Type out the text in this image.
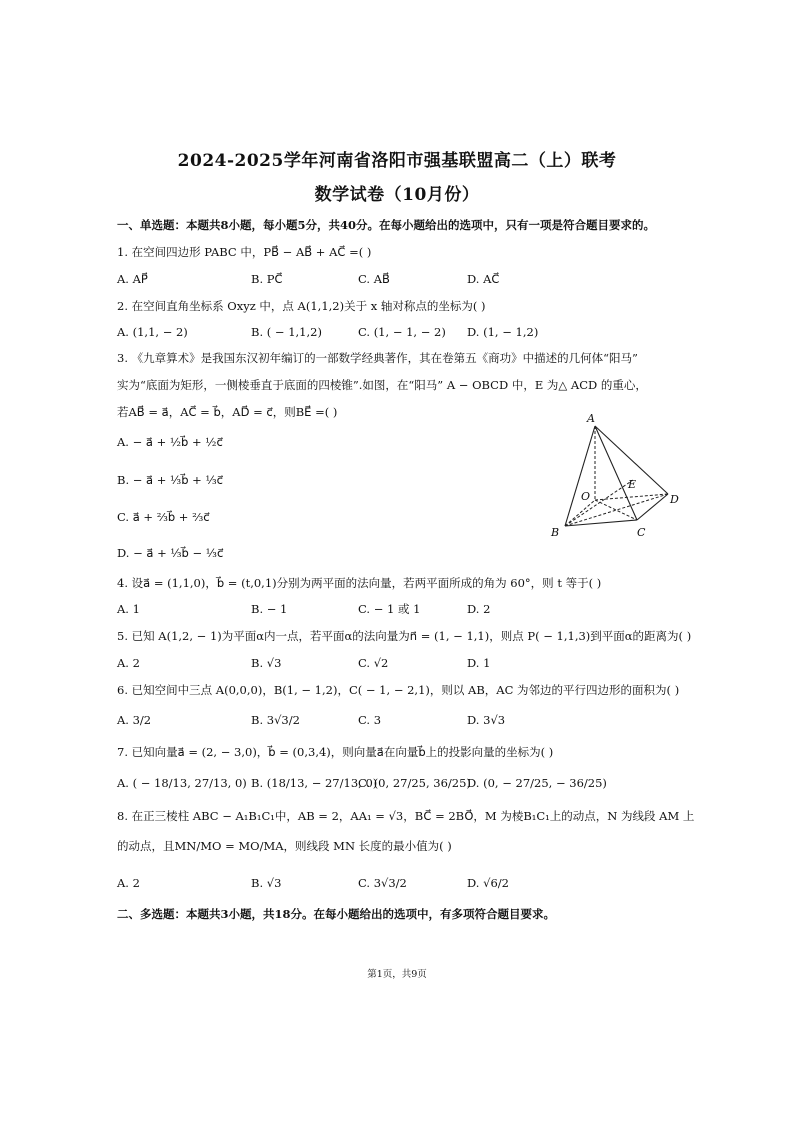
2024-2025学年河南省洛阳市强基联盟高二（上）联考
数学试卷（10月份）
一、单选题：本题共8小题，每小题5分，共40分。在每小题给出的选项中，只有一项是符合题目要求的。
1. 在空间四边形 PABC 中，PB⃗ − AB⃗ + AC⃗ =( )
A. AP⃗	B. PC⃗	C. AB⃗	D. AC⃗
2. 在空间直角坐标系 Oxyz 中，点 A(1,1,2)关于 x 轴对称点的坐标为( )
A. (1,1, − 2)	B. ( − 1,1,2)	C. (1, − 1, − 2) D. (1, − 1,2)
3. 《九章算术》是我国东汉初年编订的一部数学经典著作，其在卷第五《商功》中描述的几何体“阳马”
实为“底面为矩形，一侧棱垂直于底面的四棱锥”.如图，在“阳马” A − OBCD 中，E 为△ ACD 的重心，
若AB⃗ = a⃗，AC⃗ = b⃗，AD⃗ = c⃗，则BE⃗ =( )
A. − a⃗ + ½b⃗ + ½c⃗
B. − a⃗ + ⅓b⃗ + ⅓c⃗
C. a⃗ + ⅔b⃗ + ⅔c⃗
D. − a⃗ + ⅓b⃗ − ⅓c⃗
A
B	C
D
O
E
4. 设a⃗ = (1,1,0)，b⃗ = (t,0,1)分别为两平面的法向量，若两平面所成的角为 60°，则 t 等于( )
A. 1	B. − 1	C. − 1 或 1	D. 2
5. 已知 A(1,2, − 1)为平面α内一点，若平面α的法向量为n⃗ = (1, − 1,1)，则点 P( − 1,1,3)到平面α的距离为( )
A. 2	B. √3	C. √2	D. 1
6. 已知空间中三点 A(0,0,0)，B(1, − 1,2)，C( − 1, − 2,1)，则以 AB，AC 为邻边的平行四边形的面积为( )
A. 3/2	B. 3√3/2	C. 3	D. 3√3
7. 已知向量a⃗ = (2, − 3,0)，b⃗ = (0,3,4)，则向量a⃗在向量b⃗上的投影向量的坐标为( )
A. ( − 18/13, 27/13, 0) B. (18/13, − 27/13, 0)
C. (0, 27/25, 36/25)
D. (0, − 27/25, − 36/25)
8. 在正三棱柱 ABC − A₁B₁C₁中，AB = 2，AA₁ = √3，BC⃗ = 2BO⃗，M 为棱B₁C₁上的动点，N 为线段 AM 上
的动点，且MN/MO = MO/MA，则线段 MN 长度的最小值为( )
A. 2	B. √3	C. 3√3/2	D. √6/2
二、多选题：本题共3小题，共18分。在每小题给出的选项中，有多项符合题目要求。
第1页，共9页
